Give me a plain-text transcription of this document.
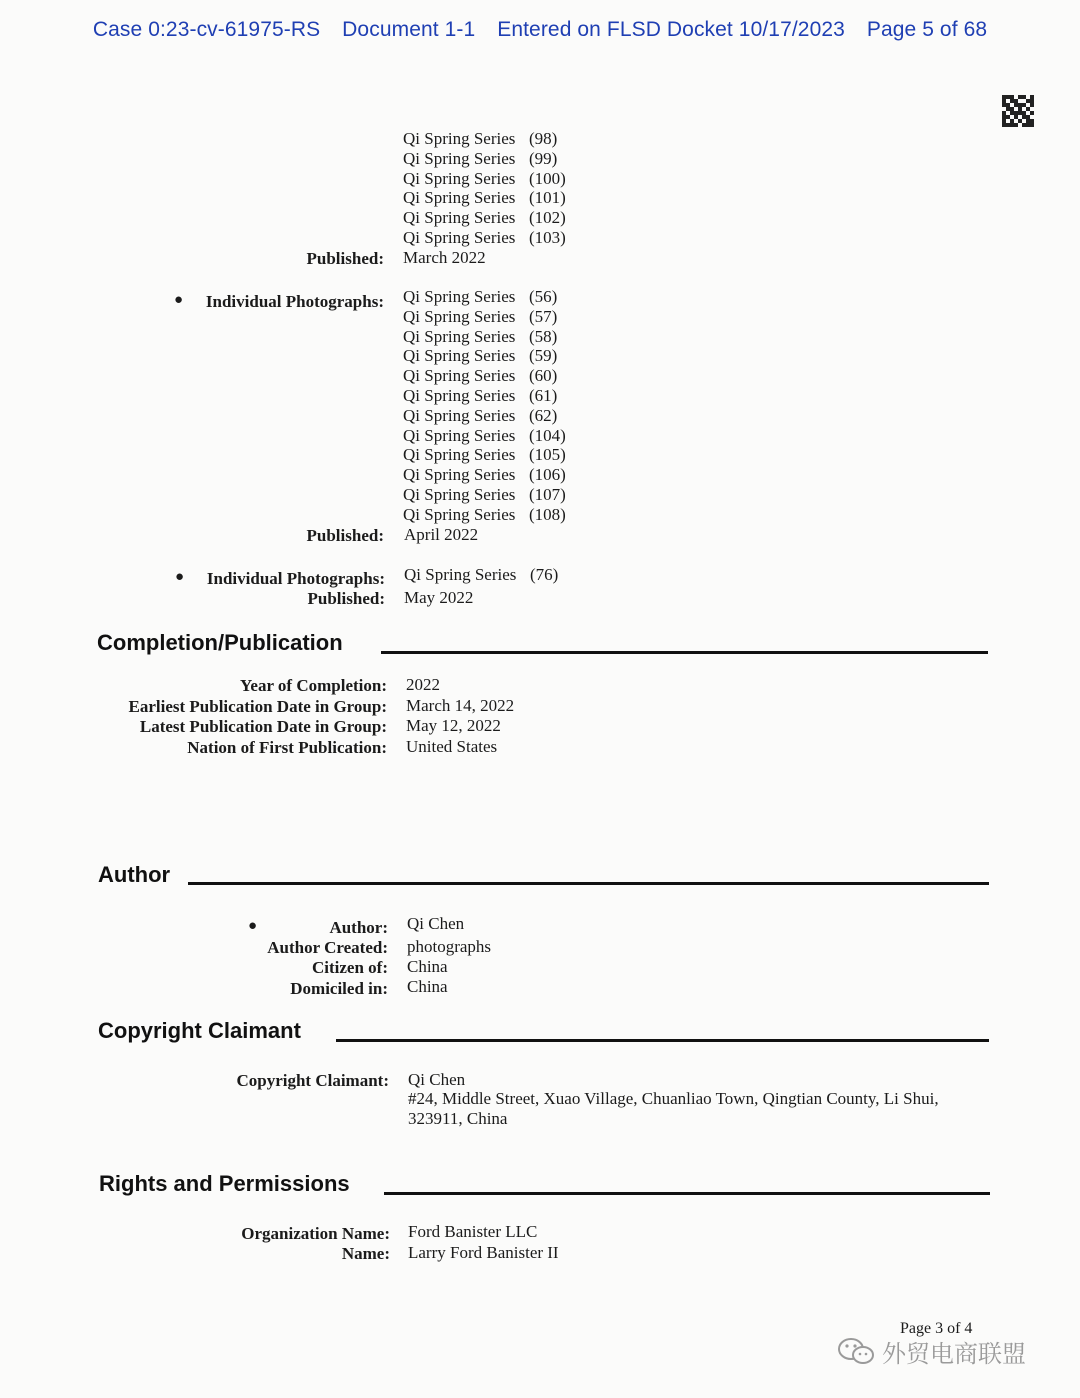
Case 0:23-cv-61975-RS Document 1-1 Entered on FLSD Docket 10/17/2023 Page 5 of 68
Qi Spring Series (98)
Qi Spring Series (99)
Qi Spring Series (100)
Qi Spring Series (101)
Qi Spring Series (102)
Qi Spring Series (103)
Published: March 2022
● Individual Photographs: Qi Spring Series (56)
Qi Spring Series (57)
Qi Spring Series (58)
Qi Spring Series (59)
Qi Spring Series (60)
Qi Spring Series (61)
Qi Spring Series (62)
Qi Spring Series (104)
Qi Spring Series (105)
Qi Spring Series (106)
Qi Spring Series (107)
Qi Spring Series (108)
Published: April 2022
● Individual Photographs: Qi Spring Series (76)
Published: May 2022
Completion/Publication
Year of Completion: 2022
Earliest Publication Date in Group: March 14, 2022
Latest Publication Date in Group: May 12, 2022
Nation of First Publication: United States
Author
●	Author: Qi Chen
Author Created: photographs
Citizen of: China
Domiciled in: China
Copyright Claimant
Copyright Claimant: Qi Chen
#24, Middle Street, Xuao Village, Chuanliao Town, Qingtian County, Li Shui,
323911, China
Rights and Permissions
Organization Name: Ford Banister LLC
Name: Larry Ford Banister II
Page 3 of 4
外贸电商联盟
